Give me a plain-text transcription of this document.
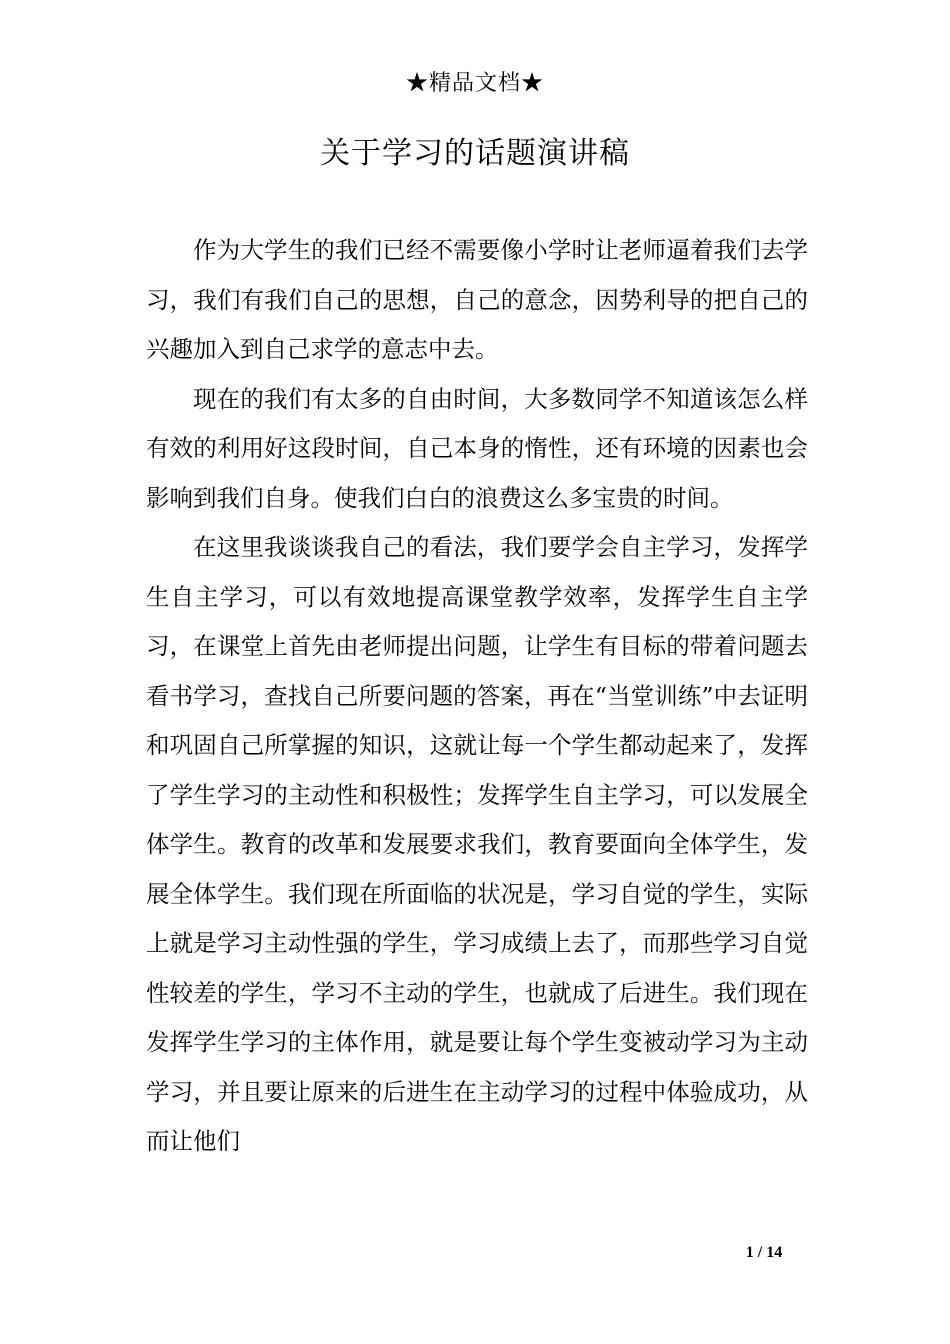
★精品文档★
关于学习的话题演讲稿

作为大学生的我们已经不需要像小学时让老师逼着我们去学习，我们有我们自己的思想，自己的意念，因势利导的把自己的兴趣加入到自己求学的意志中去。

现在的我们有太多的自由时间，大多数同学不知道该怎么样有效的利用好这段时间，自己本身的惰性，还有环境的因素也会影响到我们自身。使我们白白的浪费这么多宝贵的时间。

在这里我谈谈我自己的看法，我们要学会自主学习，发挥学生自主学习，可以有效地提高课堂教学效率，发挥学生自主学习，在课堂上首先由老师提出问题，让学生有目标的带着问题去看书学习，查找自己所要问题的答案，再在“当堂训练”中去证明和巩固自己所掌握的知识，这就让每一个学生都动起来了，发挥了学生学习的主动性和积极性；发挥学生自主学习，可以发展全体学生。教育的改革和发展要求我们，教育要面向全体学生，发展全体学生。我们现在所面临的状况是，学习自觉的学生，实际上就是学习主动性强的学生，学习成绩上去了，而那些学习自觉性较差的学生，学习不主动的学生，也就成了后进生。我们现在发挥学生学习的主体作用，就是要让每个学生变被动学习为主动学习，并且要让原来的后进生在主动学习的过程中体验成功，从而让他们

1 / 14
